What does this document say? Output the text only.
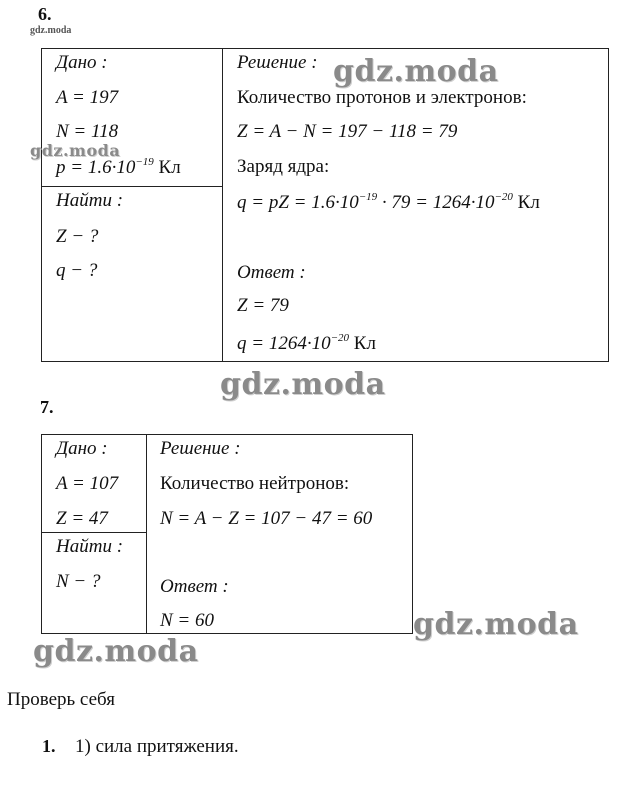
6.
gdz.moda
Дано :
A = 197
N = 118
$p = 1.6\cdot 10^{-19}$ Кл
Найти :
Z − ?
q − ?
Решение :
Количество протонов и электронов:
Z = A − N = 197 − 118 = 79
Заряд ядра:
q = pZ = $1.6\cdot 10^{-19} \cdot 79 = 1264\cdot 10^{-20}$ Кл
Ответ :
Z = 79
$q = 1264\cdot 10^{-20}$ Кл
gdz.moda
gdz.moda
gdz.moda
7.
Дано :
A = 107
Z = 47
Найти :
N − ?
Решение :
Количество нейтронов:
N = A − Z = 107 − 47 = 60
Ответ :
N = 60	gdz.moda
gdz.moda
Проверь себя
1. 1) сила притяжения.
